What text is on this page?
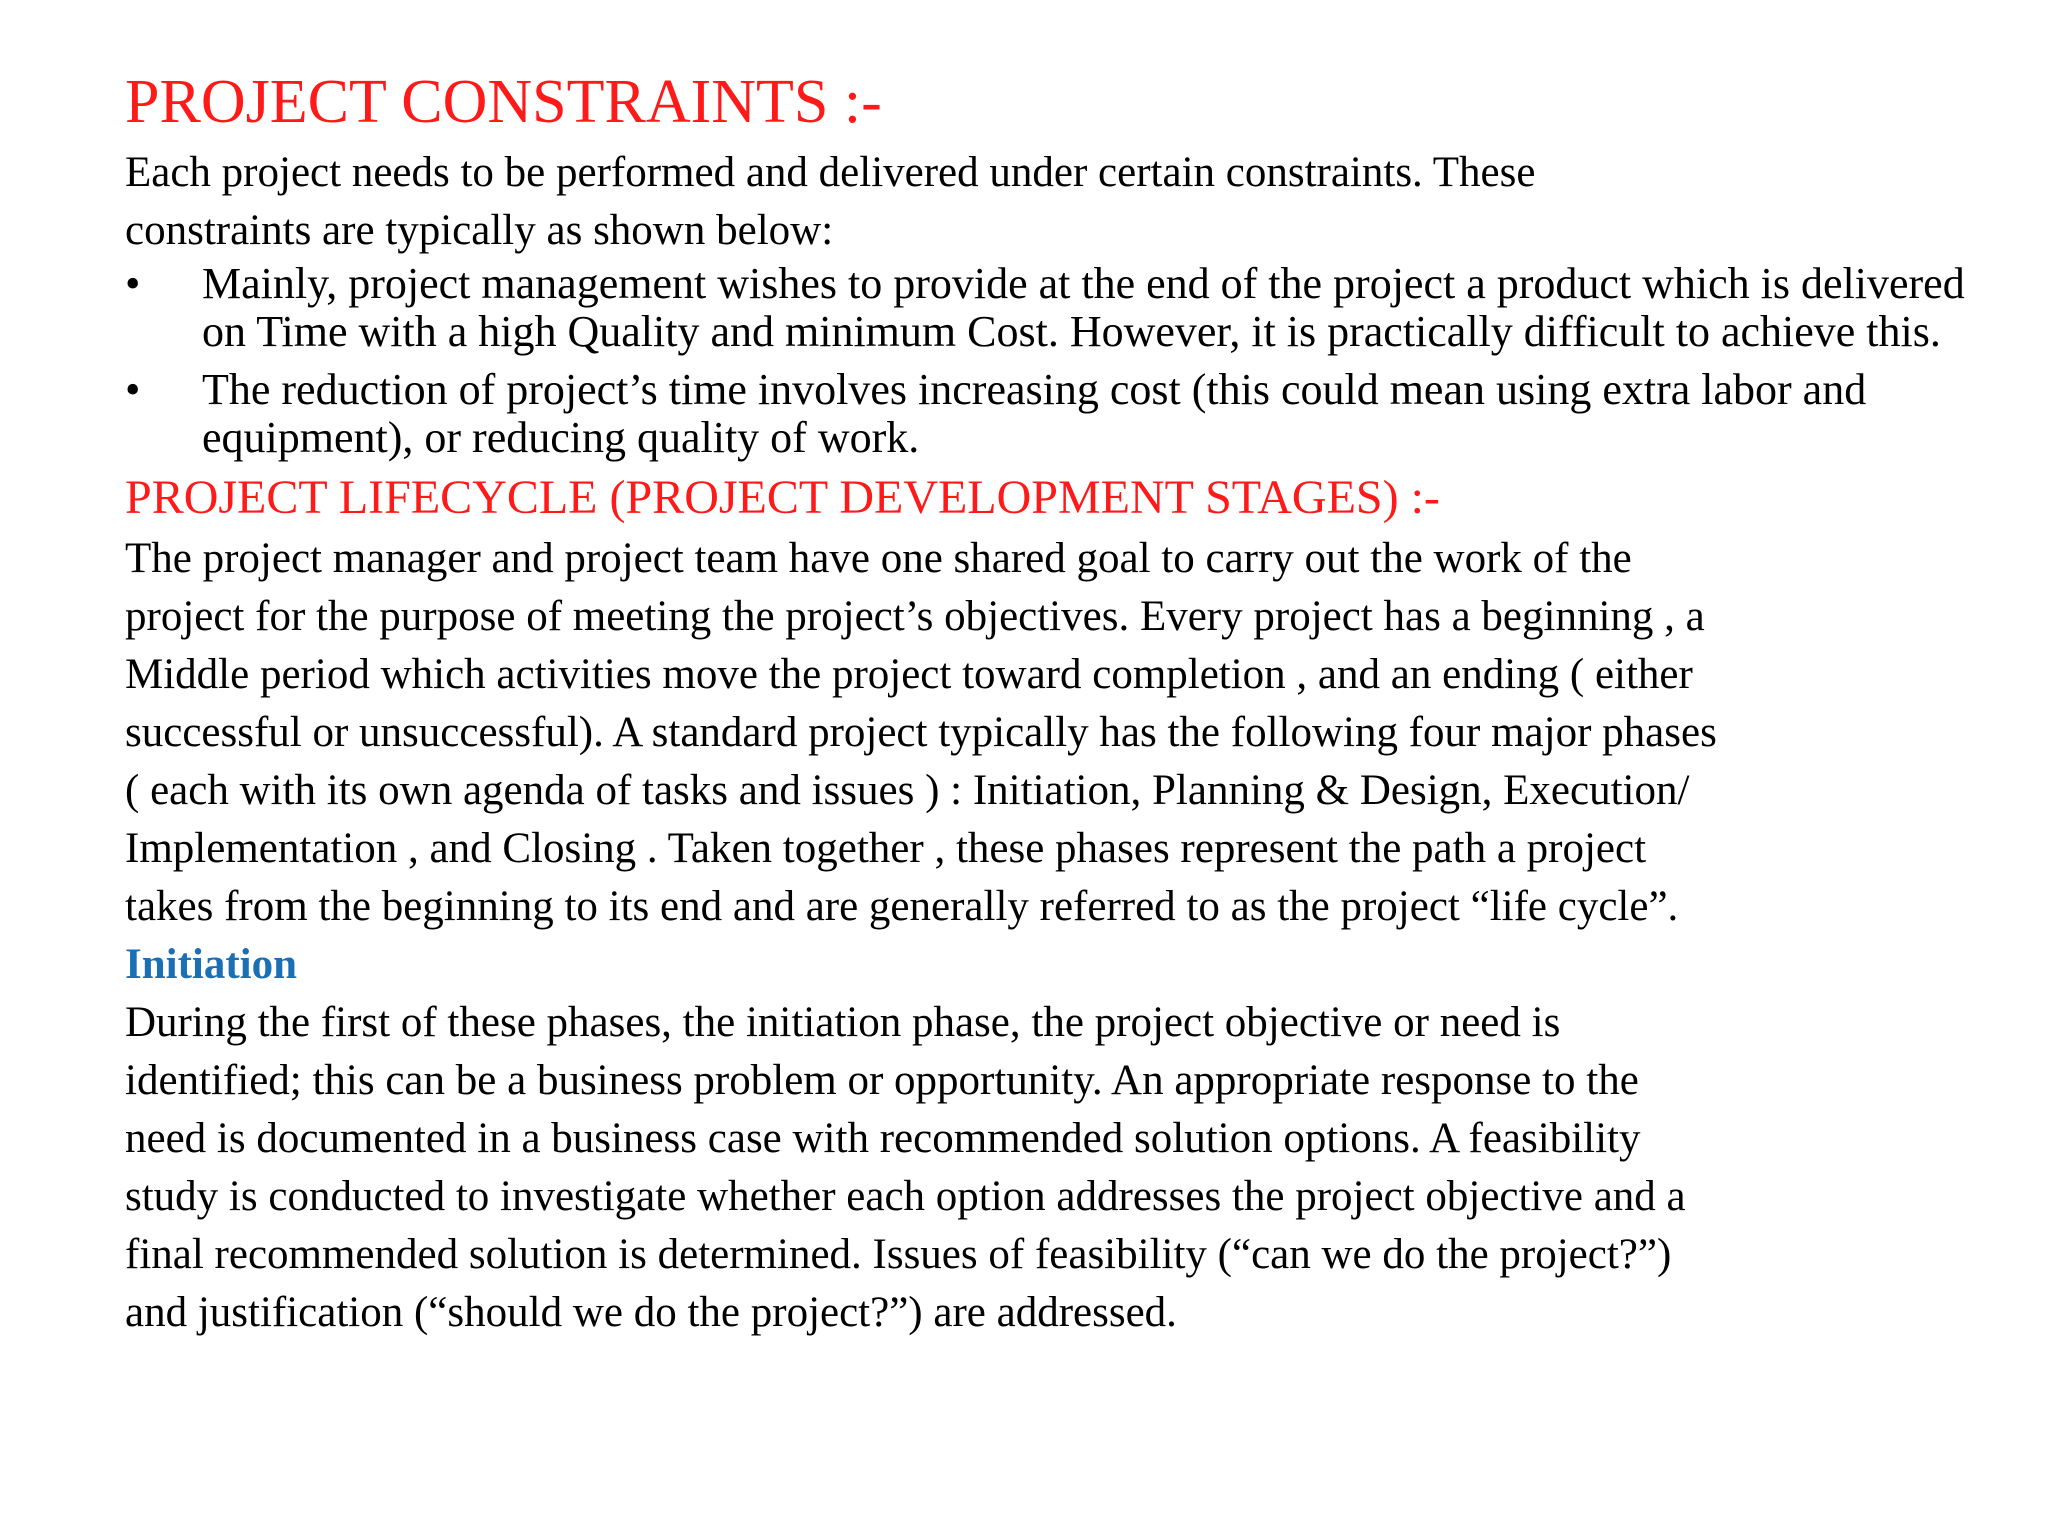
PROJECT CONSTRAINTS :-

Each project needs to be performed and delivered under certain constraints. These

constraints are typically as shown below:

• Mainly, project management wishes to provide at the end of the project a product which is delivered on Time with a high Quality and minimum Cost. However, it is practically difficult to achieve this.
• The reduction of project’s time involves increasing cost (this could mean using extra labor and equipment), or reducing quality of work.
PROJECT LIFECYCLE (PROJECT DEVELOPMENT STAGES) :-

The project manager and project team have one shared goal to carry out the work of the

project for the purpose of meeting the project’s objectives. Every project has a beginning , a

Middle period which activities move the project toward completion , and an ending ( either

successful or unsuccessful). A standard project typically has the following four major phases

( each with its own agenda of tasks and issues ) : Initiation, Planning & Design, Execution/

Implementation , and Closing . Taken together , these phases represent the path a project

takes from the beginning to its end and are generally referred to as the project “life cycle”.

Initiation

During the first of these phases, the initiation phase, the project objective or need is

identified; this can be a business problem or opportunity. An appropriate response to the

need is documented in a business case with recommended solution options. A feasibility

study is conducted to investigate whether each option addresses the project objective and a

final recommended solution is determined. Issues of feasibility (“can we do the project?”)

and justification (“should we do the project?”) are addressed.
